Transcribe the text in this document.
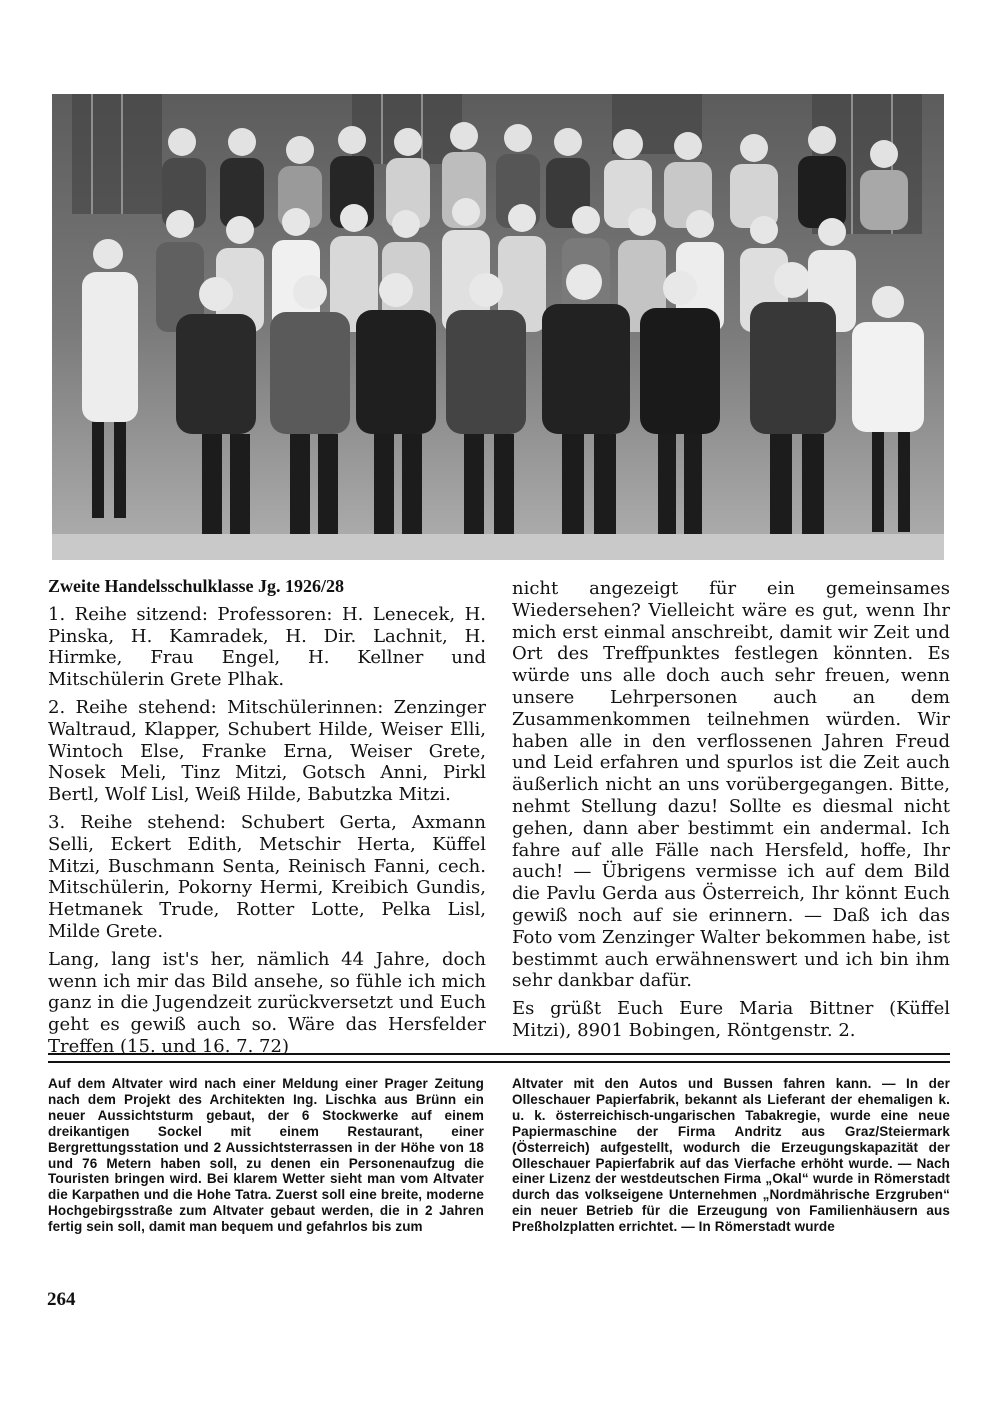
Zweite Handelsschulklasse Jg. 1926/28

1. Reihe sitzend: Professoren: H. Lenecek, H. Pinska, H. Kamradek, H. Dir. Lachnit, H. Hirmke, Frau Engel, H. Kellner und Mitschülerin Grete Plhak.

2. Reihe stehend: Mitschülerinnen: Zenzinger Waltraud, Klapper, Schubert Hilde, Weiser Elli, Wintoch Else, Franke Erna, Weiser Grete, Nosek Meli, Tinz Mitzi, Gotsch Anni, Pirkl Bertl, Wolf Lisl, Weiß Hilde, Babutzka Mitzi.

3. Reihe stehend: Schubert Gerta, Axmann Selli, Eckert Edith, Metschir Herta, Küffel Mitzi, Buschmann Senta, Reinisch Fanni, cech. Mitschülerin, Pokorny Hermi, Kreibich Gundis, Hetmanek Trude, Rotter Lotte, Pelka Lisl, Milde Grete.

Lang, lang ist's her, nämlich 44 Jahre, doch wenn ich mir das Bild ansehe, so fühle ich mich ganz in die Jugendzeit zurückversetzt und Euch geht es gewiß auch so. Wäre das Hersfelder Treffen (15. und 16. 7. 72)

nicht angezeigt für ein gemeinsames Wiedersehen? Vielleicht wäre es gut, wenn Ihr mich erst einmal anschreibt, damit wir Zeit und Ort des Treffpunktes festlegen könnten. Es würde uns alle doch auch sehr freuen, wenn unsere Lehrpersonen auch an dem Zusammenkommen teilnehmen würden. Wir haben alle in den verflossenen Jahren Freud und Leid erfahren und spurlos ist die Zeit auch äußerlich nicht an uns vorübergegangen. Bitte, nehmt Stellung dazu! Sollte es diesmal nicht gehen, dann aber bestimmt ein andermal. Ich fahre auf alle Fälle nach Hersfeld, hoffe, Ihr auch! — Übrigens vermisse ich auf dem Bild die Pavlu Gerda aus Österreich, Ihr könnt Euch gewiß noch auf sie erinnern. — Daß ich das Foto vom Zenzinger Walter bekommen habe, ist bestimmt auch erwähnenswert und ich bin ihm sehr dankbar dafür.

Es grüßt Euch Eure Maria Bittner (Küffel Mitzi), 8901 Bobingen, Röntgenstr. 2.

Auf dem Altvater wird nach einer Meldung einer Prager Zeitung nach dem Projekt des Architekten Ing. Lischka aus Brünn ein neuer Aussichtsturm gebaut, der 6 Stockwerke auf einem dreikantigen Sockel mit einem Restaurant, einer Bergrettungsstation und 2 Aussichtsterrassen in der Höhe von 18 und 76 Metern haben soll, zu denen ein Personenaufzug die Touristen bringen wird. Bei klarem Wetter sieht man vom Altvater die Karpathen und die Hohe Tatra. Zuerst soll eine breite, moderne Hochgebirgsstraße zum Altvater gebaut werden, die in 2 Jahren fertig sein soll, damit man bequem und gefahrlos bis zum
Altvater mit den Autos und Bussen fahren kann. — In der Olleschauer Papierfabrik, bekannt als Lieferant der ehemaligen k. u. k. österreichisch-ungarischen Tabakregie, wurde eine neue Papiermaschine der Firma Andritz aus Graz/Steiermark (Österreich) aufgestellt, wodurch die Erzeugungskapazität der Olleschauer Papierfabrik auf das Vierfache erhöht wurde. — Nach einer Lizenz der westdeutschen Firma „Okal“ wurde in Römerstadt durch das volkseigene Unternehmen „Nordmährische Erzgruben“ ein neuer Betrieb für die Erzeugung von Familienhäusern aus Preßholzplatten errichtet. — In Römerstadt wurde
264
